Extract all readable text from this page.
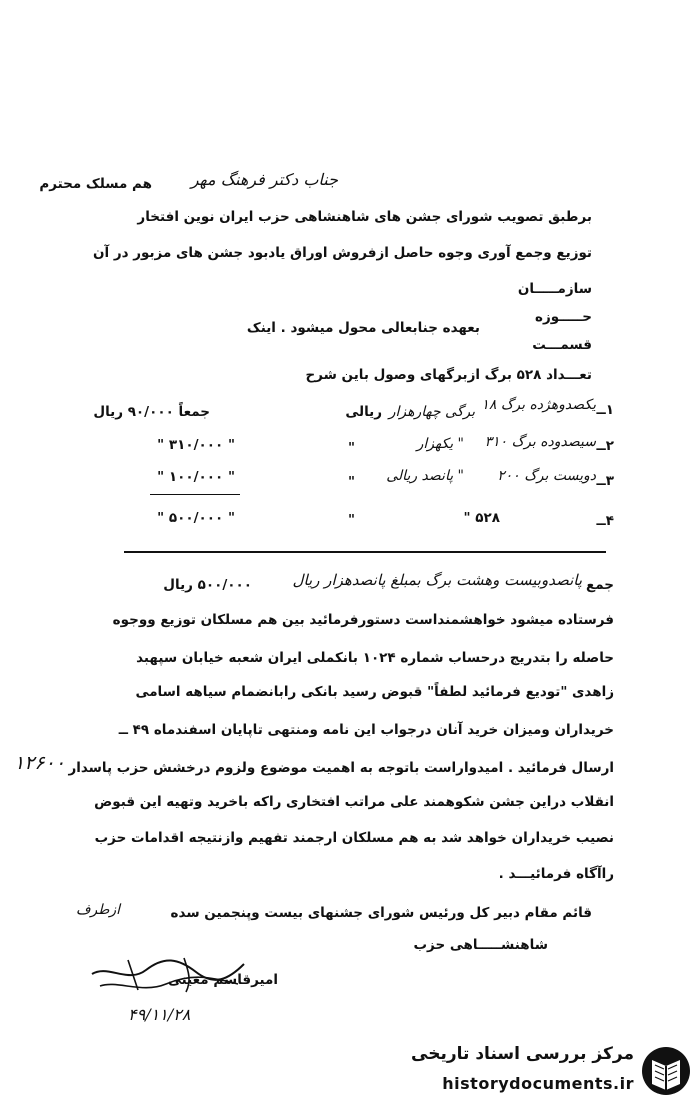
هم مسلک محترم جناب دکتر فرهنگ مهر
برطبق تصویب شورای جشن های شاهنشاهی حزب ایران نوین افتخار
توزیع وجمع آوری وجوه حاصل ازفروش اوراق یادبود جشن های مزبور در آن
سازمـــــان
حـــــوزه
قسمـــت
بعهده جنابعالی محول میشود . اینک
تعـــداد ۵۲۸ برگ ازبرگهای وصول باین شرح
۱ــ
یکصدوهژده برگ ۱۸
برگی چهارهزار
ریالی
جمعاً ۹۰/۰۰۰ ریال
۲ــ
سیصدوده برگ ۳۱۰
" یکهزار
"
" ۳۱۰/۰۰۰ "
۳ــ
دویست برگ ۲۰۰
" پانصد ریالی
"
" ۱۰۰/۰۰۰ "
۴ــ
۵۲۸ "
"
" ۵۰۰/۰۰۰ "
جمع
پانصدوبیست وهشت برگ بمبلغ پانصدهزار ریال
۵۰۰/۰۰۰ ریال
فرستاده میشود خواهشمنداست دستورفرمائید بین هم مسلکان توزیع ووجوه
حاصله را بتدریج درحساب شماره ۱۰۲۴ بانکملی ایران شعبه خیابان سپهبد
زاهدی "تودیع فرمائید لطفاً" قبوض رسید بانکی رابانضمام سیاهه اسامی
خریداران ومیزان خرید آنان درجواب این نامه ومنتهی تاپایان اسفندماه ۴۹ ــ
ارسال فرمائید . امیدواراست باتوجه به اهمیت موضوع ولزوم درخشش حزب پاسدار
انقلاب دراین جشن شکوهمند علی مراتب افتخاری راکه باخرید وتهیه این قبوض
نصیب خریداران خواهد شد به هم مسلکان ارجمند تفهیم وازنتیجه اقدامات حزب
راآگاه فرمائیـــد .
۱۲۶۰۰
ازطرف	قائم مقام دبیر کل ورئیس شورای جشنهای بیست وپنجمین سده
شاهنشـــــاهی حزب
امیرقاسم معینی
۴۹/۱۱/۲۸
مرکز بررسی اسناد تاریخی
historydocuments.ir
